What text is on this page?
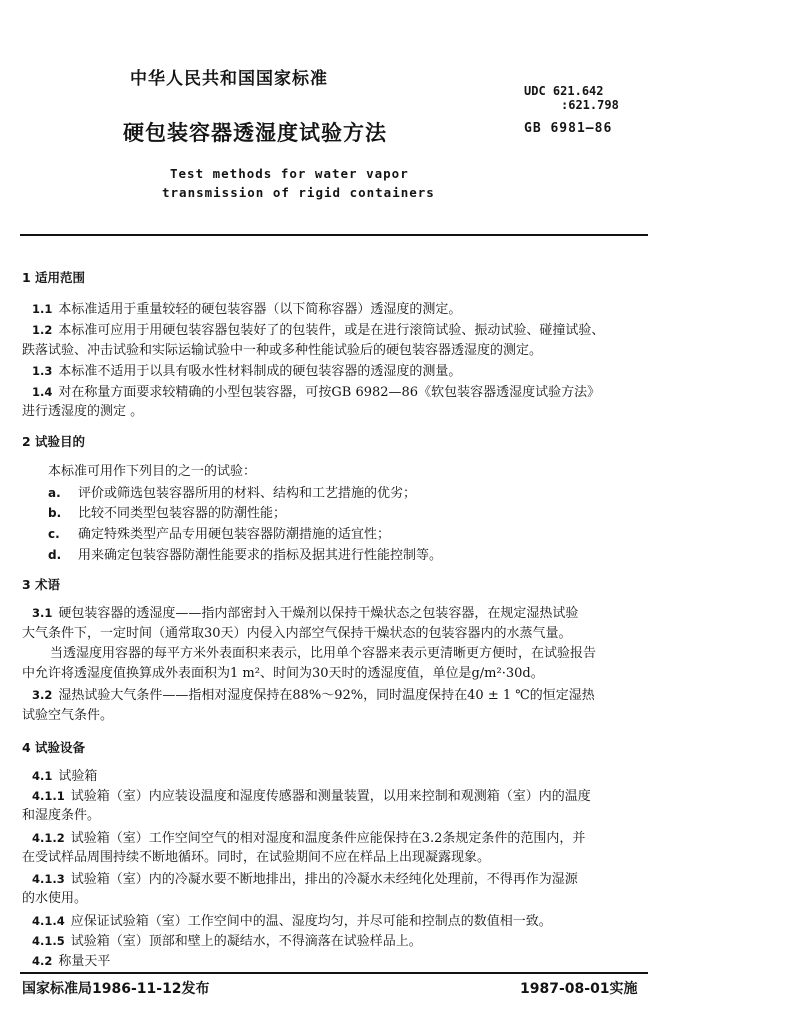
中华人民共和国国家标准
UDC 621.642
:621.798
硬包装容器透湿度试验方法	GB 6981—86
Test methods for water vapor
transmission of rigid containers
1 适用范围
1.1 本标准适用于重量较轻的硬包装容器（以下简称容器）透湿度的测定。
1.2 本标准可应用于用硬包装容器包装好了的包装件，或是在进行滚筒试验、振动试验、碰撞试验、
跌落试验、冲击试验和实际运输试验中一种或多种性能试验后的硬包装容器透湿度的测定。
1.3 本标准不适用于以具有吸水性材料制成的硬包装容器的透湿度的测量。
1.4 对在称量方面要求较精确的小型包装容器，可按GB 6982—86《软包装容器透湿度试验方法》
进行透湿度的测定 。
2 试验目的
本标准可用作下列目的之一的试验：
a. 评价或筛选包装容器所用的材料、结构和工艺措施的优劣；
b. 比较不同类型包装容器的防潮性能；
c. 确定特殊类型产品专用硬包装容器防潮措施的适宜性；
d. 用来确定包装容器防潮性能要求的指标及据其进行性能控制等。
3 术语
3.1 硬包装容器的透湿度——指内部密封入干燥剂以保持干燥状态之包装容器，在规定湿热试验
大气条件下，一定时间（通常取30天）内侵入内部空气保持干燥状态的包装容器内的水蒸气量。
当透湿度用容器的每平方米外表面积来表示，比用单个容器来表示更清晰更方便时，在试验报告
中允许将透湿度值换算成外表面积为1 m²、时间为30天时的透湿度值，单位是g/m²·30d。
3.2 湿热试验大气条件——指相对湿度保持在88%～92%，同时温度保持在40 ± 1 ℃的恒定湿热
试验空气条件。
4 试验设备
4.1 试验箱
4.1.1 试验箱（室）内应装设温度和湿度传感器和测量装置，以用来控制和观测箱（室）内的温度
和湿度条件。
4.1.2 试验箱（室）工作空间空气的相对湿度和温度条件应能保持在3.2条规定条件的范围内，并
在受试样品周围持续不断地循环。同时，在试验期间不应在样品上出现凝露现象。
4.1.3 试验箱（室）内的冷凝水要不断地排出，排出的冷凝水未经纯化处理前，不得再作为湿源
的水使用。
4.1.4 应保证试验箱（室）工作空间中的温、湿度均匀，并尽可能和控制点的数值相一致。
4.1.5 试验箱（室）顶部和壁上的凝结水，不得滴落在试验样品上。
4.2 称量天平
国家标准局1986-11-12发布	1987-08-01实施
